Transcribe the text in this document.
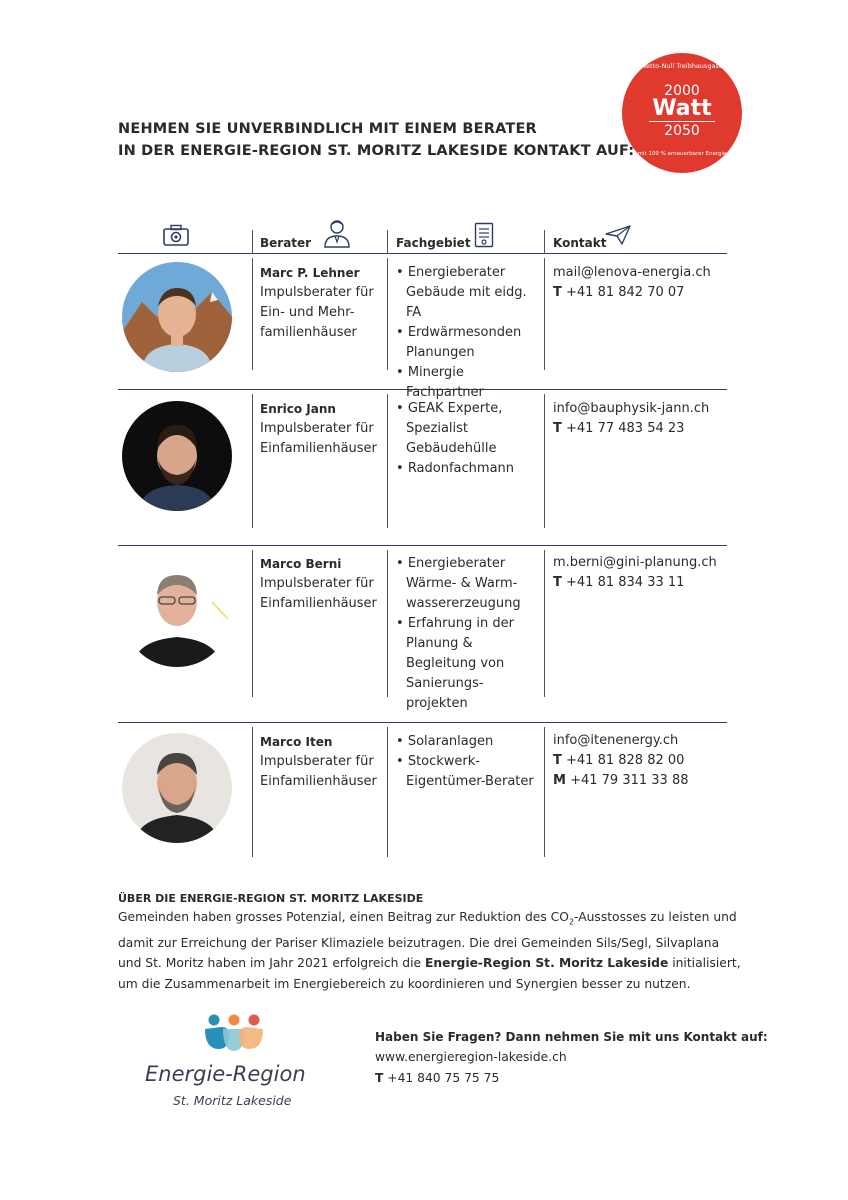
NEHMEN SIE UNVERBINDLICH MIT EINEM BERATER
IN DER ENERGIE-REGION ST. MORITZ LAKESIDE KONTAKT AUF:
Netto-Null Treibhausgase
2000
Watt
2050
mit 100 % erneuerbarer Energie
Berater	Fachgebiet	Kontakt
Marc P. Lehner
Impulsberater für
Ein- und Mehr-
familienhäuser
• Energieberater Gebäude mit eidg. FA
• Erdwärmesonden Planungen
• Minergie Fachpartner
mail@lenova-energia.ch
T +41 81 842 70 07
Enrico Jann
Impulsberater für
Einfamilienhäuser
• GEAK Experte, Spezialist Gebäudehülle
• Radonfachmann
info@bauphysik-jann.ch
T +41 77 483 54 23
Marco Berni
Impulsberater für
Einfamilienhäuser
• Energieberater Wärme- & Warmwassererzeugung
• Erfahrung in der Planung & Begleitung von Sanierungsprojekten
m.berni@gini-planung.ch
T +41 81 834 33 11
Marco Iten
Impulsberater für
Einfamilienhäuser
• Solaranlagen
• Stockwerk-Eigentümer-Berater
info@itenenergy.ch
T +41 81 828 82 00
M +41 79 311 33 88
ÜBER DIE ENERGIE-REGION ST. MORITZ LAKESIDE
Gemeinden haben grosses Potenzial, einen Beitrag zur Reduktion des $CO_2$-Ausstosses zu leisten und damit zur Erreichung der Pariser Klimaziele beizutragen. Die drei Gemeinden Sils/Segl, Silvaplana und St. Moritz haben im Jahr 2021 erfolgreich die Energie-Region St. Moritz Lakeside initialisiert, um die Zusammenarbeit im Energiebereich zu koordinieren und Synergien besser zu nutzen.
Energie-Region
St. Moritz Lakeside
Haben Sie Fragen? Dann nehmen Sie mit uns Kontakt auf:
www.energieregion-lakeside.ch
T +41 840 75 75 75
